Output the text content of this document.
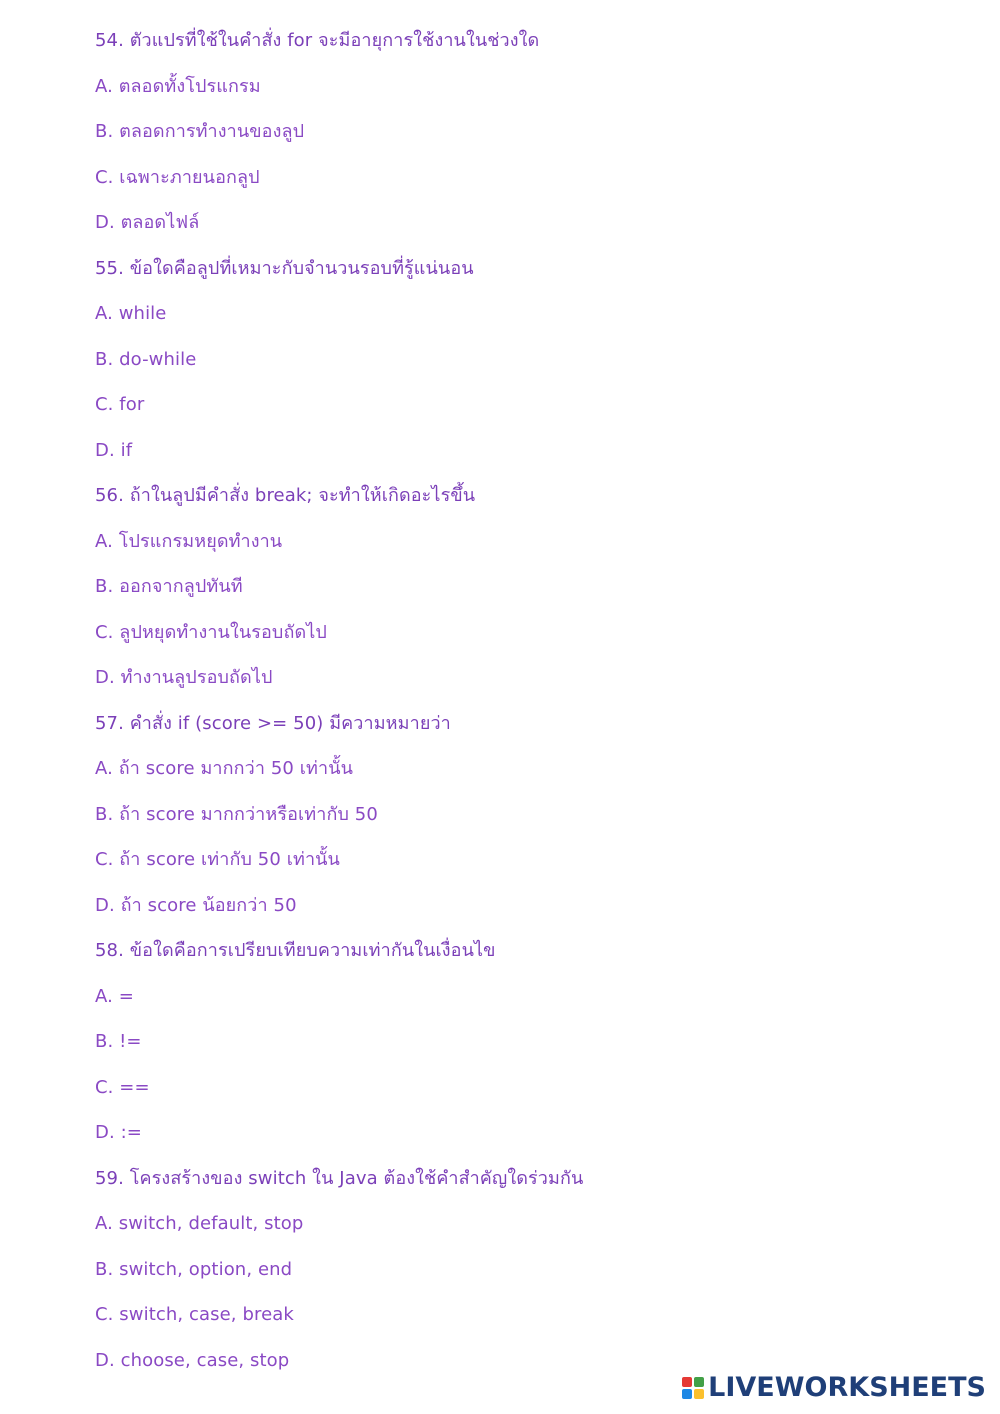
54. ตัวแปรที่ใช้ในคำสั่ง for จะมีอายุการใช้งานในช่วงใด
A. ตลอดทั้งโปรแกรม
B. ตลอดการทำงานของลูป
C. เฉพาะภายนอกลูป
D. ตลอดไฟล์
55. ข้อใดคือลูปที่เหมาะกับจำนวนรอบที่รู้แน่นอน
A. while
B. do-while
C. for
D. if
56. ถ้าในลูปมีคำสั่ง break; จะทำให้เกิดอะไรขึ้น
A. โปรแกรมหยุดทำงาน
B. ออกจากลูปทันที
C. ลูปหยุดทำงานในรอบถัดไป
D. ทำงานลูปรอบถัดไป
57. คำสั่ง if (score >= 50) มีความหมายว่า
A. ถ้า score มากกว่า 50 เท่านั้น
B. ถ้า score มากกว่าหรือเท่ากับ 50
C. ถ้า score เท่ากับ 50 เท่านั้น
D. ถ้า score น้อยกว่า 50
58. ข้อใดคือการเปรียบเทียบความเท่ากันในเงื่อนไข
A. =
B. !=
C. ==
D. :=
59. โครงสร้างของ switch ใน Java ต้องใช้คำสำคัญใดร่วมกัน
A. switch, default, stop
B. switch, option, end
C. switch, case, break
D. choose, case, stop
LIVEWORKSHEETS
